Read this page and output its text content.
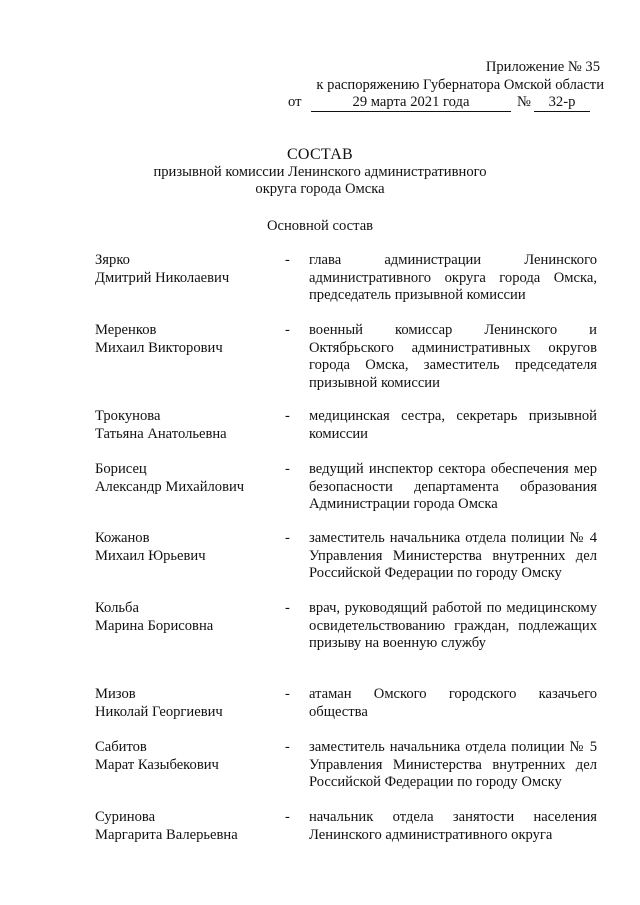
Приложение № 35
к распоряжению Губернатора Омской области
от	29 марта 2021 года	№	32-р
СОСТАВ
призывной комиссии Ленинского административного
округа города Омска
Основной состав
Зярко
Дмитрий Николаевич
- глава администрации Ленинского административного округа города Омска, председатель призывной комиссии
Меренков
Михаил Викторович
- военный комиссар Ленинского и Октябрьского административных округов города Омска, заместитель председателя призывной комиссии
Трокунова
Татьяна Анатольевна
- медицинская сестра, секретарь призывной комиссии
Борисец
Александр Михайлович
- ведущий инспектор сектора обеспечения мер безопасности департамента образования Администрации города Омска
Кожанов
Михаил Юрьевич
- заместитель начальника отдела полиции № 4 Управления Министерства внутренних дел Российской Федерации по городу Омску
Кольба
Марина Борисовна
- врач, руководящий работой по медицинскому освидетельствованию граждан, подлежащих призыву на военную службу
Мизов
Николай Георгиевич
- атаман Омского городского казачьего общества
Сабитов
Марат Казыбекович
- заместитель начальника отдела полиции № 5 Управления Министерства внутренних дел Российской Федерации по городу Омску
Суринова
Маргарита Валерьевна
- начальник отдела занятости населения Ленинского административного округа
